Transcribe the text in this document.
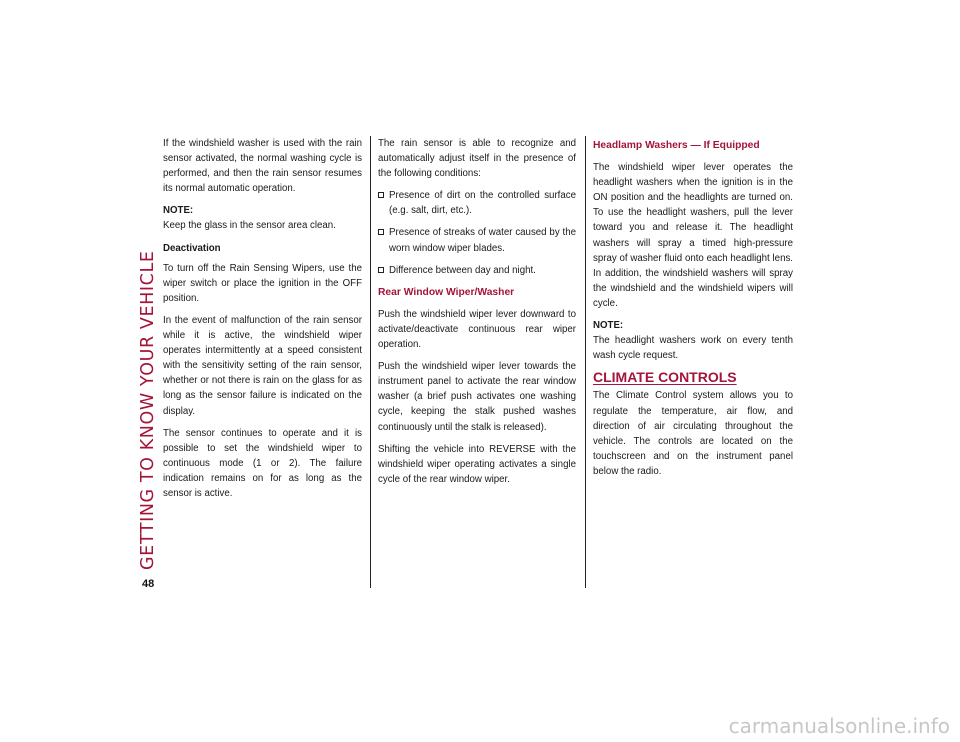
GETTING TO KNOW YOUR VEHICLE
48

If the windshield washer is used with the rain sensor activated, the normal washing cycle is performed, and then the rain sensor resumes its normal automatic operation.

NOTE:

Keep the glass in the sensor area clean.

Deactivation

To turn off the Rain Sensing Wipers, use the wiper switch or place the ignition in the OFF position.

In the event of malfunction of the rain sensor while it is active, the windshield wiper operates intermittently at a speed consistent with the sensitivity setting of the rain sensor, whether or not there is rain on the glass for as long as the sensor failure is indicated on the display.

The sensor continues to operate and it is possible to set the windshield wiper to continuous mode (1 or 2). The failure indication remains on for as long as the sensor is active.

The rain sensor is able to recognize and automatically adjust itself in the presence of the following conditions:

Presence of dirt on the controlled surface (e.g. salt, dirt, etc.).
Presence of streaks of water caused by the worn window wiper blades.
Difference between day and night.
Rear Window Wiper/Washer

Push the windshield wiper lever downward to activate/deactivate continuous rear wiper operation.

Push the windshield wiper lever towards the instrument panel to activate the rear window washer (a brief push activates one washing cycle, keeping the stalk pushed washes continuously until the stalk is released).

Shifting the vehicle into REVERSE with the windshield wiper operating activates a single cycle of the rear window wiper.

Headlamp Washers — If Equipped

The windshield wiper lever operates the headlight washers when the ignition is in the ON position and the headlights are turned on. To use the headlight washers, pull the lever toward you and release it. The headlight washers will spray a timed high-pressure spray of washer fluid onto each headlight lens. In addition, the windshield washers will spray the windshield and the windshield wipers will cycle.

NOTE:

The headlight washers work on every tenth wash cycle request.

CLIMATE CONTROLS

The Climate Control system allows you to regulate the temperature, air flow, and direction of air circulating throughout the vehicle. The controls are located on the touchscreen and on the instrument panel below the radio.

carmanualsonline.info
